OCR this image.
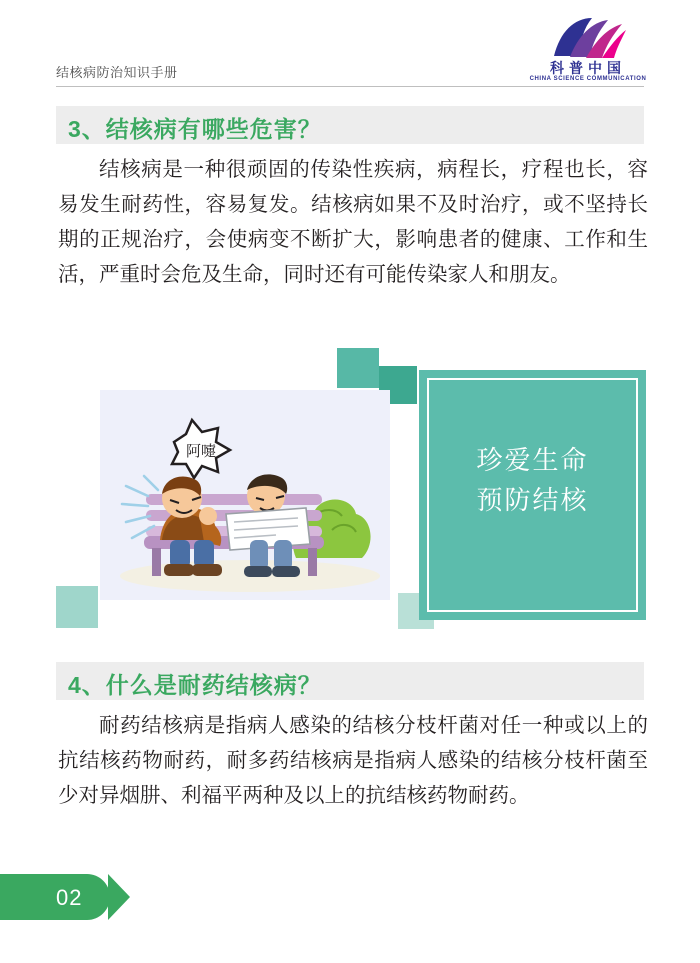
结核病防治知识手册	科普中国
CHINA SCIENCE COMMUNICATION
3、结核病有哪些危害？
结核病是一种很顽固的传染性疾病，病程长，疗程也长，容易发生耐药性，容易复发。结核病如果不及时治疗，或不坚持长期的正规治疗，会使病变不断扩大，影响患者的健康、工作和生活，严重时会危及生命，同时还有可能传染家人和朋友。
珍爱生命
预防结核
阿嚏
4、什么是耐药结核病？
耐药结核病是指病人感染的结核分枝杆菌对任一种或以上的抗结核药物耐药，耐多药结核病是指病人感染的结核分枝杆菌至少对异烟肼、利福平两种及以上的抗结核药物耐药。
02
